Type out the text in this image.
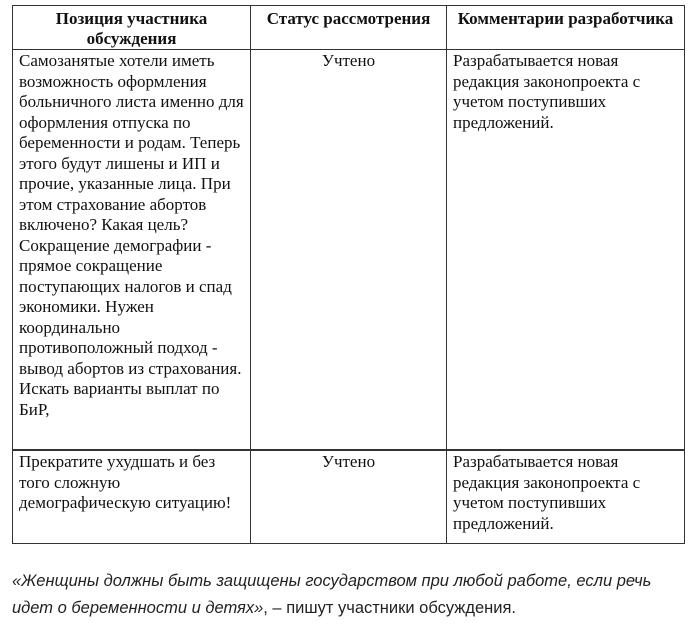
Позиция участника обсуждения	Статус рассмотрения	Комментарии разработчика
Самозанятые хотели иметь возможность оформления больничного листа именно для оформления отпуска по беременности и родам. Теперь этого будут лишены и ИП и прочие, указанные лица. При этом страхование абортов включено? Какая цель? Сокращение демографии - прямое сокращение поступающих налогов и спад экономики. Нужен координально противоположный подход - вывод абортов из страхования. Искать варианты выплат по БиР,	Учтено	Разрабатывается новая редакция законопроекта с учетом поступивших предложений.
Прекратите ухудшать и без того сложную демографическую ситуацию!	Учтено	Разрабатывается новая редакция законопроекта с учетом поступивших предложений.

«Женщины должны быть защищены государством при любой работе, если речь идет о беременности и детях», – пишут участники обсуждения.
